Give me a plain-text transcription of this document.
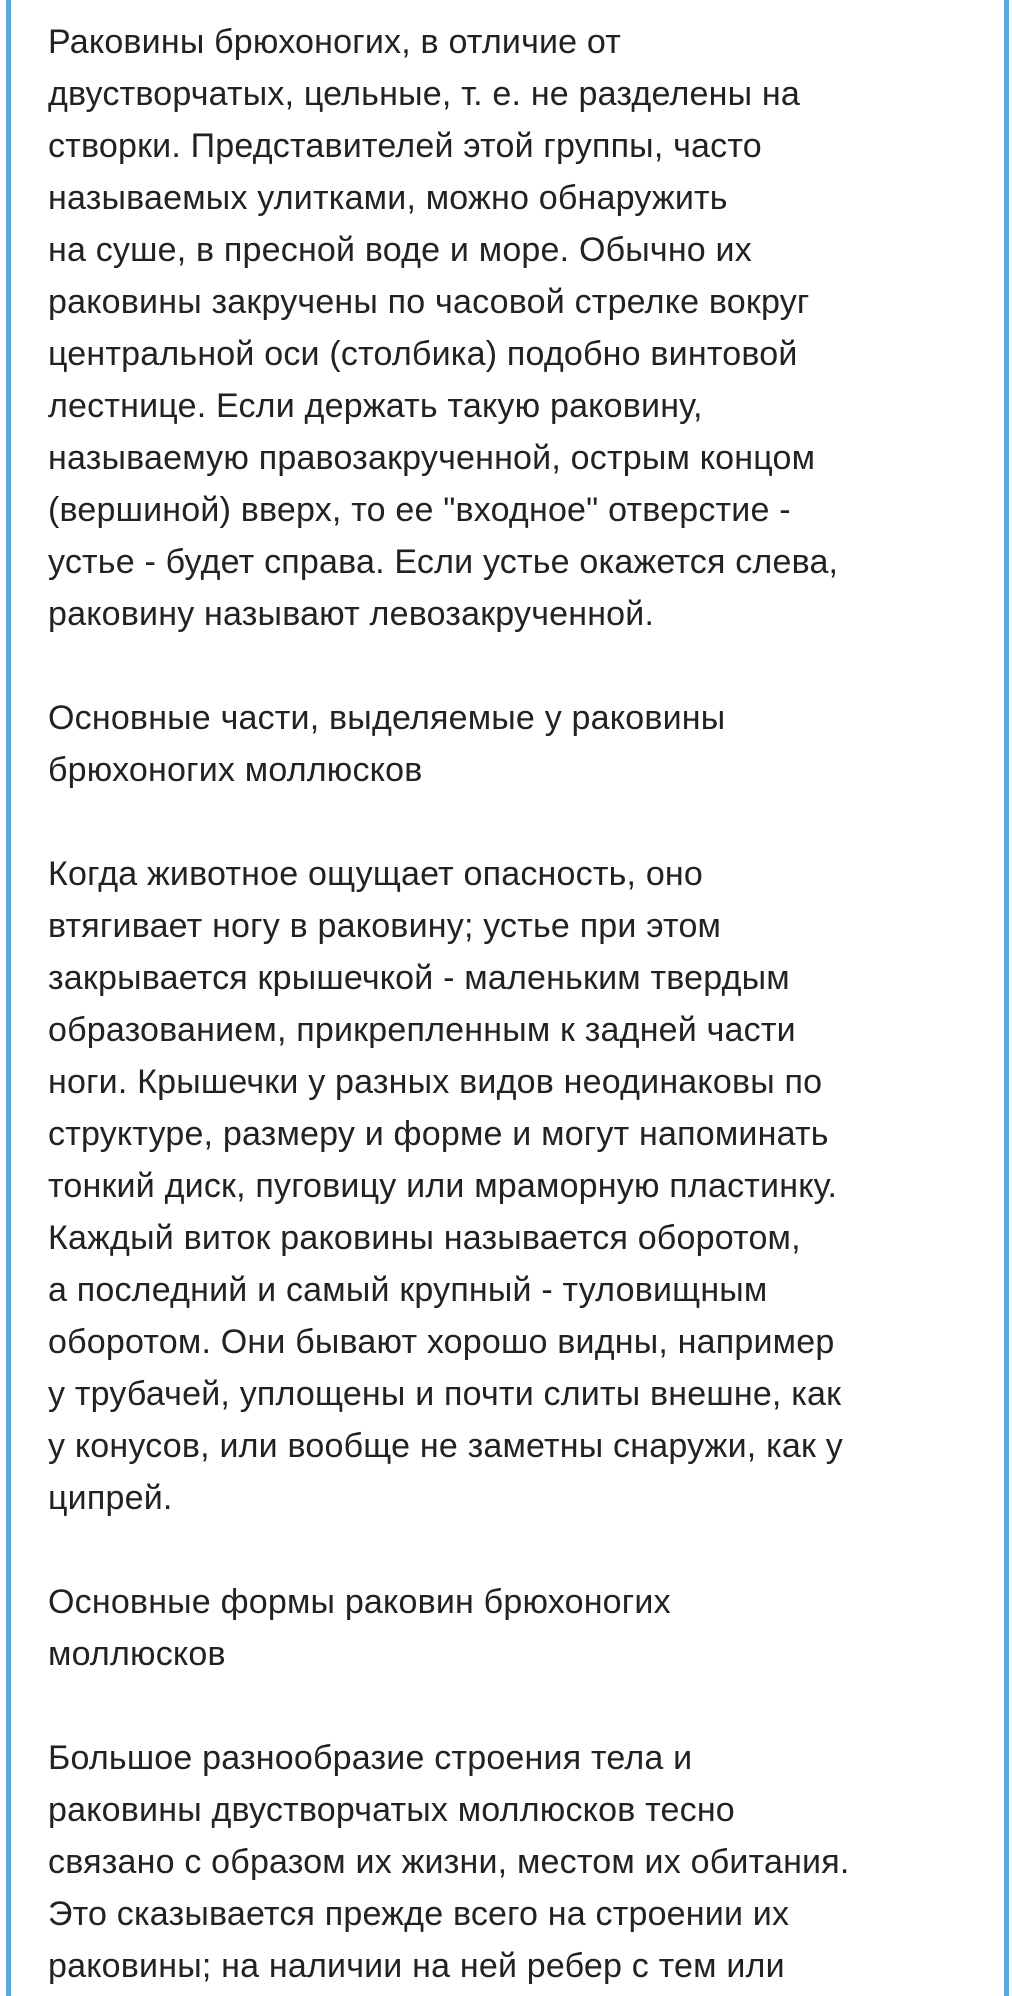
Раковины брюхоногих, в отличие от
двустворчатых, цельные, т. е. не разделены на
створки. Представителей этой группы, часто
называемых улитками, можно обнаружить
на суше, в пресной воде и море. Обычно их
раковины закручены по часовой стрелке вокруг
центральной оси (столбика) подобно винтовой
лестнице. Если держать такую раковину,
называемую правозакрученной, острым концом
(вершиной) вверх, то ее "входное" отверстие -
устье - будет справа. Если устье окажется слева,
раковину называют левозакрученной.

Основные части, выделяемые у раковины
брюхоногих моллюсков

Когда животное ощущает опасность, оно
втягивает ногу в раковину; устье при этом
закрывается крышечкой - маленьким твердым
образованием, прикрепленным к задней части
ноги. Крышечки у разных видов неодинаковы по
структуре, размеру и форме и могут напоминать
тонкий диск, пуговицу или мраморную пластинку.
Каждый виток раковины называется оборотом,
а последний и самый крупный - туловищным
оборотом. Они бывают хорошо видны, например
у трубачей, уплощены и почти слиты внешне, как
у конусов, или вообще не заметны снаружи, как у
ципрей.

Основные формы раковин брюхоногих
моллюсков

Большое разнообразие строения тела и
раковины двустворчатых моллюсков тесно
связано с образом их жизни, местом их обитания.
Это сказывается прежде всего на строении их
раковины; на наличии на ней ребер с тем или
